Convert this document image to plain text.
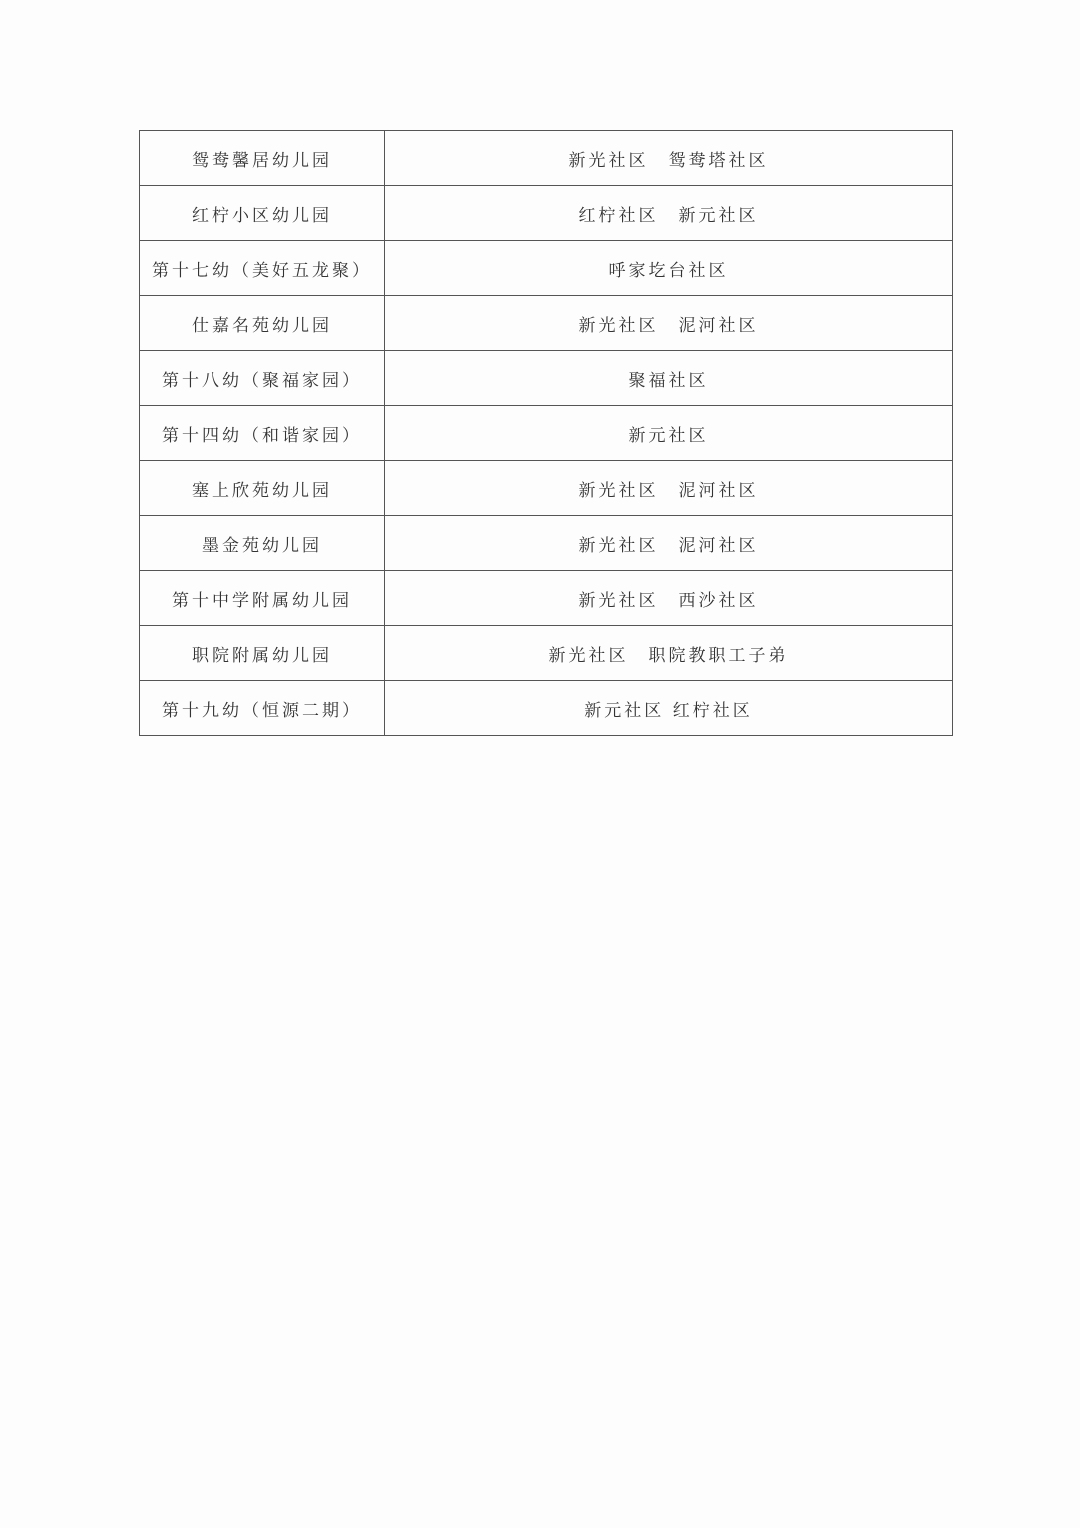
鸳鸯馨居幼儿园	新光社区　鸳鸯塔社区
红柠小区幼儿园	红柠社区　新元社区
第十七幼（美好五龙聚）	呼家圪台社区
仕嘉名苑幼儿园	新光社区　泥河社区
第十八幼（聚福家园）	聚福社区
第十四幼（和谐家园）	新元社区
塞上欣苑幼儿园	新光社区　泥河社区
墨金苑幼儿园	新光社区　泥河社区
第十中学附属幼儿园	新光社区　西沙社区
职院附属幼儿园	新光社区　职院教职工子弟
第十九幼（恒源二期）	新元社区 红柠社区
